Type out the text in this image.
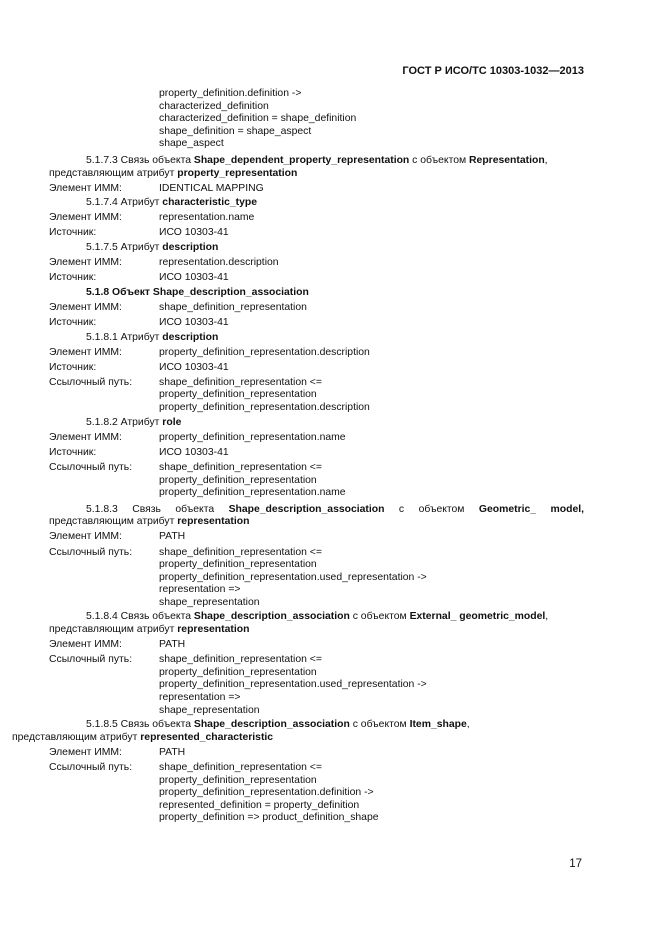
ГОСТ Р ИСО/ТС 10303-1032—2013
property_definition.definition ->
characterized_definition
characterized_definition = shape_definition
shape_definition = shape_aspect
shape_aspect
5.1.7.3 Связь объекта Shape_dependent_property_representation с объектом Representation, представляющим атрибут property_representation
Элемент ИММ:	IDENTICAL MAPPING
5.1.7.4 Атрибут characteristic_type
Элемент ИММ:	representation.name
Источник:	ИСО 10303-41
5.1.7.5 Атрибут description
Элемент ИММ:	representation.description
Источник:	ИСО 10303-41
5.1.8 Объект Shape_description_association
Элемент ИММ:	shape_definition_representation
Источник:	ИСО 10303-41
5.1.8.1 Атрибут description
Элемент ИММ:	property_definition_representation.description
Источник:	ИСО 10303-41
Ссылочный путь:	shape_definition_representation <=
property_definition_representation
property_definition_representation.description
5.1.8.2 Атрибут role
Элемент ИММ:	property_definition_representation.name
Источник:	ИСО 10303-41
Ссылочный путь:	shape_definition_representation <=
property_definition_representation
property_definition_representation.name
5.1.8.3 Связь объекта Shape_description_association с объектом Geometric_ model, представляющим атрибут representation
Элемент ИММ:	PATH
Ссылочный путь:	shape_definition_representation <=
property_definition_representation
property_definition_representation.used_representation ->
representation =>
shape_representation
5.1.8.4 Связь объекта Shape_description_association с объектом External_ geometric_model, представляющим атрибут representation
Элемент ИММ:	PATH
Ссылочный путь:	shape_definition_representation <=
property_definition_representation
property_definition_representation.used_representation ->
representation =>
shape_representation
5.1.8.5 Связь объекта Shape_description_association с объектом Item_shape,
представляющим атрибут represented_characteristic
Элемент ИММ:	PATH
Ссылочный путь:	shape_definition_representation <=
property_definition_representation
property_definition_representation.definition ->
represented_definition = property_definition
property_definition => product_definition_shape
17
